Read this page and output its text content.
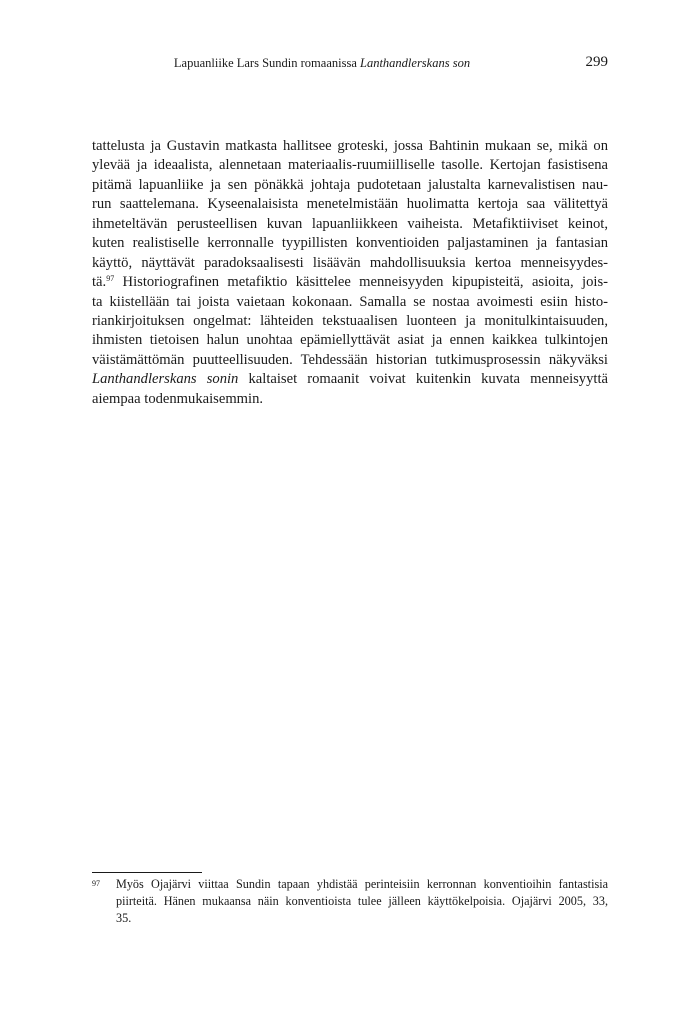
Lapuanliike Lars Sundin romaanissa Lanthandlerskans son	299
tattelusta ja Gustavin matkasta hallitsee groteski, jossa Bahtinin mukaan se, mikä on
ylevää ja ideaalista, alennetaan materiaalis-ruumiilliselle tasolle. Kertojan fasistisena
pitämä lapuanliike ja sen pönäkkä johtaja pudotetaan jalustalta karnevalistisen nau-
run saattelemana. Kyseenalaisista menetelmistään huolimatta kertoja saa välitettyä
ihmeteltävän perusteellisen kuvan lapuanliikkeen vaiheista. Metafiktiiviset keinot,
kuten realistiselle kerronnalle tyypillisten konventioiden paljastaminen ja fantasian
käyttö, näyttävät paradoksaalisesti lisäävän mahdollisuuksia kertoa menneisyydes-
tä.$^{97}$ Historiografinen metafiktio käsittelee menneisyyden kipupisteitä, asioita, jois-
ta kiistellään tai joista vaietaan kokonaan. Samalla se nostaa avoimesti esiin histo-
riankirjoituksen ongelmat: lähteiden tekstuaalisen luonteen ja monitulkintaisuuden,
ihmisten tietoisen halun unohtaa epämiellyttävät asiat ja ennen kaikkea tulkintojen
väistämättömän puutteellisuuden. Tehdessään historian tutkimusprosessin näkyväksi
Lanthandlerskans sonin kaltaiset romaanit voivat kuitenkin kuvata menneisyyttä
aiempaa todenmukaisemmin.
97 Myös Ojajärvi viittaa Sundin tapaan yhdistää perinteisiin kerronnan konventioihin fantastisia
piirteitä. Hänen mukaansa näin konventioista tulee jälleen käyttökelpoisia. Ojajärvi 2005, 33,
35.
